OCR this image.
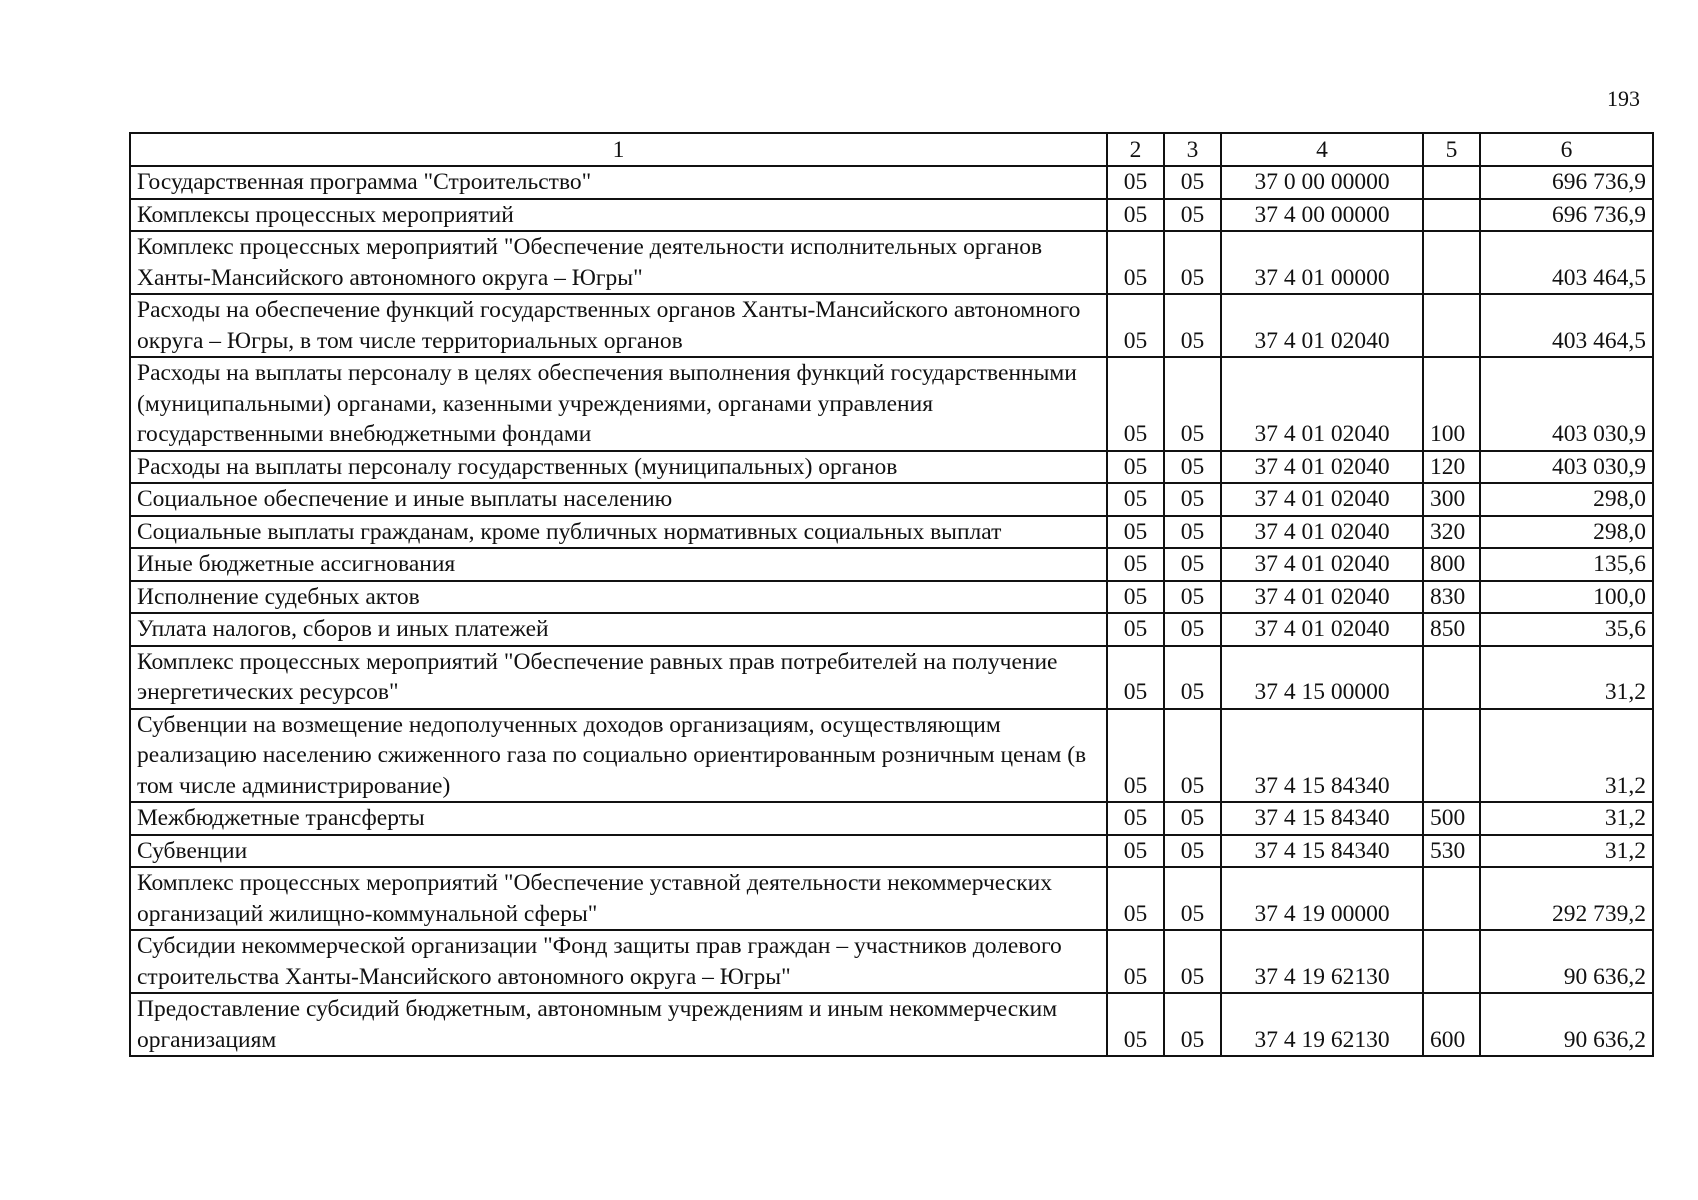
193
1	2	3	4	5	6
Государственная программа "Строительство"	05	05	37 0 00 00000		696 736,9
Комплексы процессных мероприятий	05	05	37 4 00 00000		696 736,9
Комплекс процессных мероприятий "Обеспечение деятельности исполнительных органов Ханты-Мансийского автономного округа – Югры"	05	05	37 4 01 00000		403 464,5
Расходы на обеспечение функций государственных органов Ханты-Мансийского автономного округа – Югры, в том числе территориальных органов	05	05	37 4 01 02040		403 464,5
Расходы на выплаты персоналу в целях обеспечения выполнения функций государственными (муниципальными) органами, казенными учреждениями, органами управления государственными внебюджетными фондами	05	05	37 4 01 02040	100	403 030,9
Расходы на выплаты персоналу государственных (муниципальных) органов	05	05	37 4 01 02040	120	403 030,9
Социальное обеспечение и иные выплаты населению	05	05	37 4 01 02040	300	298,0
Социальные выплаты гражданам, кроме публичных нормативных социальных выплат	05	05	37 4 01 02040	320	298,0
Иные бюджетные ассигнования	05	05	37 4 01 02040	800	135,6
Исполнение судебных актов	05	05	37 4 01 02040	830	100,0
Уплата налогов, сборов и иных платежей	05	05	37 4 01 02040	850	35,6
Комплекс процессных мероприятий "Обеспечение равных прав потребителей на получение энергетических ресурсов"	05	05	37 4 15 00000		31,2
Субвенции на возмещение недополученных доходов организациям, осуществляющим реализацию населению сжиженного газа по социально ориентированным розничным ценам (в том числе администрирование)	05	05	37 4 15 84340		31,2
Межбюджетные трансферты	05	05	37 4 15 84340	500	31,2
Субвенции	05	05	37 4 15 84340	530	31,2
Комплекс процессных мероприятий "Обеспечение уставной деятельности некоммерческих организаций жилищно-коммунальной сферы"	05	05	37 4 19 00000		292 739,2
Субсидии некоммерческой организации "Фонд защиты прав граждан – участников долевого строительства Ханты-Мансийского автономного округа – Югры"	05	05	37 4 19 62130		90 636,2
Предоставление субсидий бюджетным, автономным учреждениям и иным некоммерческим организациям	05	05	37 4 19 62130	600	90 636,2
